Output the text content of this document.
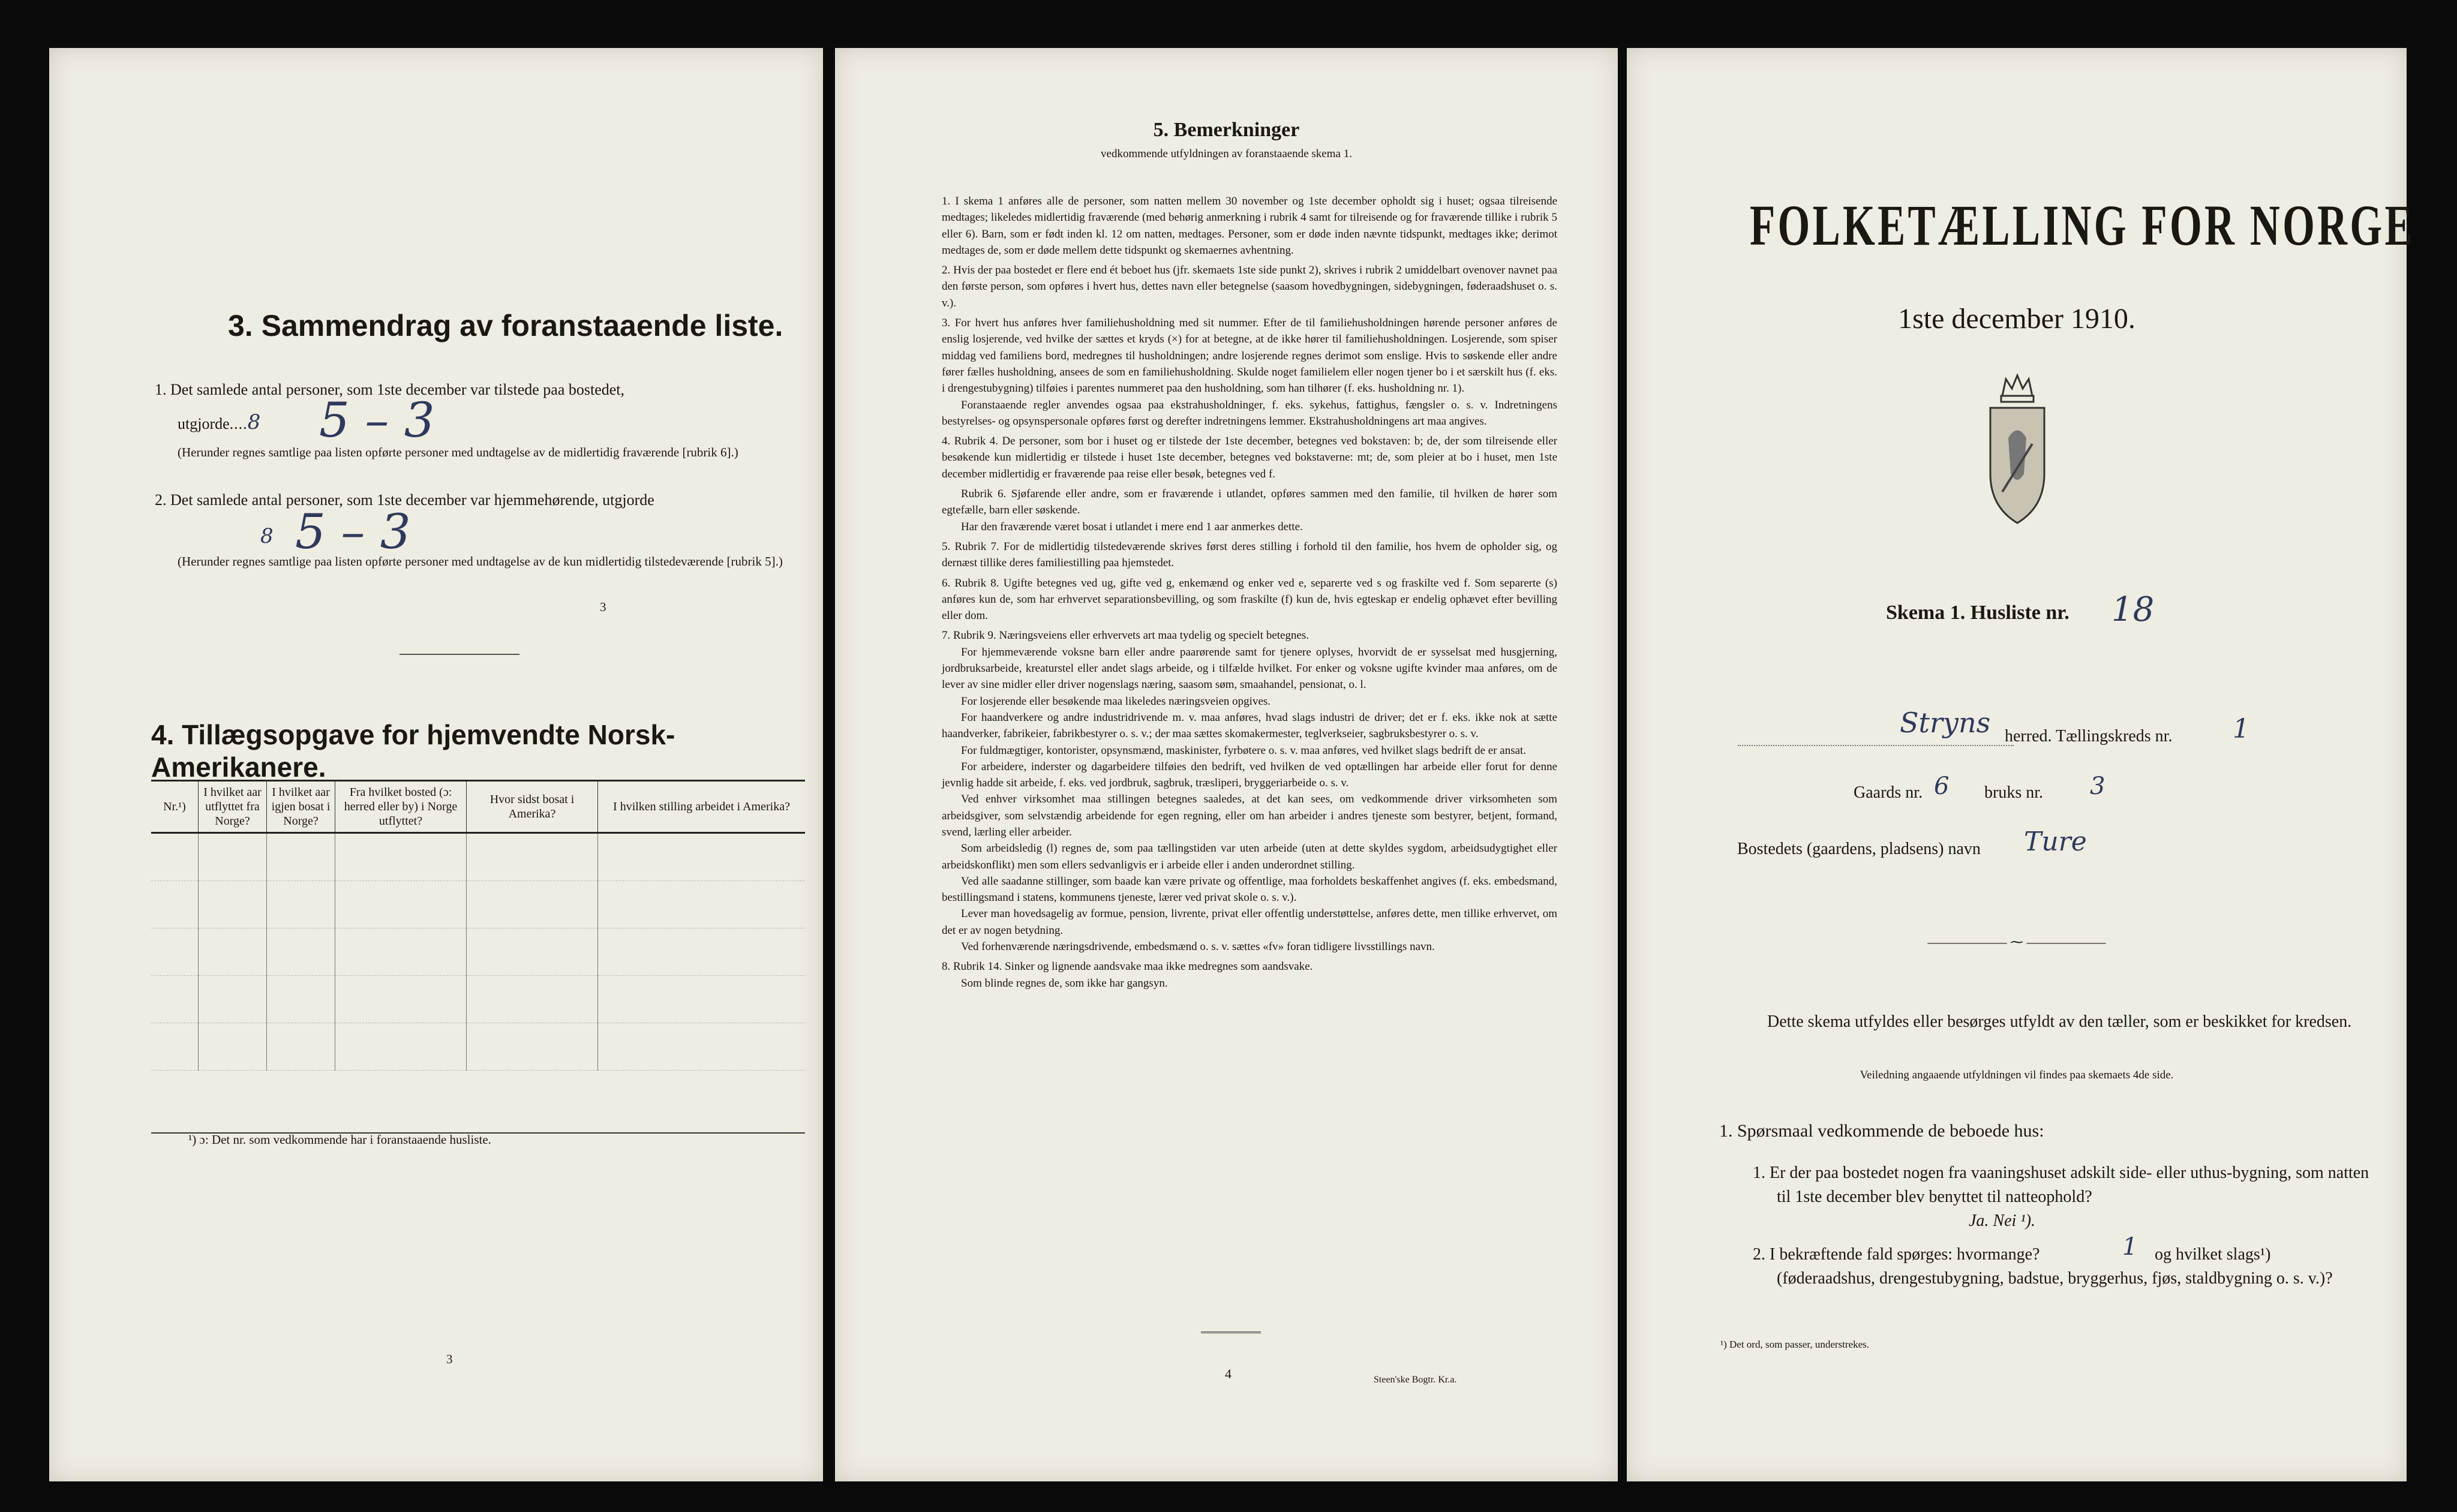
3. Sammendrag av foranstaaende liste.
1. Det samlede antal personer, som 1ste december var tilstede paa bostedet,
utgjorde....8 5 – 3
(Herunder regnes samtlige paa listen opførte personer med undtagelse av de midlertidig fraværende [rubrik 6].)
2. Det samlede antal personer, som 1ste december var hjemmehørende, utgjorde
8 5 – 3
(Herunder regnes samtlige paa listen opførte personer med undtagelse av de kun midlertidig tilstedeværende [rubrik 5].)
3
4. Tillægsopgave for hjemvendte Norsk-Amerikanere.
Nr.¹)	I hvilket aar utflyttet fra Norge?	I hvilket aar igjen bosat i Norge?	Fra hvilket bosted (ɔ: herred eller by) i Norge utflyttet?	Hvor sidst bosat i Amerika?	I hvilken stilling arbeidet i Amerika?

¹) ɔ: Det nr. som vedkommende har i foranstaaende husliste.
3
5. Bemerkninger
vedkommende utfyldningen av foranstaaende skema 1.

1. I skema 1 anføres alle de personer, som natten mellem 30 november og 1ste december opholdt sig i huset; ogsaa tilreisende medtages; likeledes midlertidig fraværende (med behørig anmerkning i rubrik 4 samt for tilreisende og for fraværende tillike i rubrik 5 eller 6). Barn, som er født inden kl. 12 om natten, medtages. Personer, som er døde inden nævnte tidspunkt, medtages ikke; derimot medtages de, som er døde mellem dette tidspunkt og skemaernes avhentning.

2. Hvis der paa bostedet er flere end ét beboet hus (jfr. skemaets 1ste side punkt 2), skrives i rubrik 2 umiddelbart ovenover navnet paa den første person, som opføres i hvert hus, dettes navn eller betegnelse (saasom hovedbygningen, sidebygningen, føderaadshuset o. s. v.).

3. For hvert hus anføres hver familiehusholdning med sit nummer. Efter de til familiehusholdningen hørende personer anføres de enslig losjerende, ved hvilke der sættes et kryds (×) for at betegne, at de ikke hører til familiehusholdningen. Losjerende, som spiser middag ved familiens bord, medregnes til husholdningen; andre losjerende regnes derimot som enslige. Hvis to søskende eller andre fører fælles husholdning, ansees de som en familiehusholdning. Skulde noget familielem eller nogen tjener bo i et særskilt hus (f. eks. i drengestubygning) tilføies i parentes nummeret paa den husholdning, som han tilhører (f. eks. husholdning nr. 1).

Foranstaaende regler anvendes ogsaa paa ekstrahusholdninger, f. eks. sykehus, fattighus, fængsler o. s. v. Indretningens bestyrelses- og opsynspersonale opføres først og derefter indretningens lemmer. Ekstrahusholdningens art maa angives.

4. Rubrik 4. De personer, som bor i huset og er tilstede der 1ste december, betegnes ved bokstaven: b; de, der som tilreisende eller besøkende kun midlertidig er tilstede i huset 1ste december, betegnes ved bokstaverne: mt; de, som pleier at bo i huset, men 1ste december midlertidig er fraværende paa reise eller besøk, betegnes ved f.

Rubrik 6. Sjøfarende eller andre, som er fraværende i utlandet, opføres sammen med den familie, til hvilken de hører som egtefælle, barn eller søskende.

Har den fraværende været bosat i utlandet i mere end 1 aar anmerkes dette.

5. Rubrik 7. For de midlertidig tilstedeværende skrives først deres stilling i forhold til den familie, hos hvem de opholder sig, og dernæst tillike deres familiestilling paa hjemstedet.

6. Rubrik 8. Ugifte betegnes ved ug, gifte ved g, enkemænd og enker ved e, separerte ved s og fraskilte ved f. Som separerte (s) anføres kun de, som har erhvervet separationsbevilling, og som fraskilte (f) kun de, hvis egteskap er endelig ophævet efter bevilling eller dom.

7. Rubrik 9. Næringsveiens eller erhvervets art maa tydelig og specielt betegnes.

For hjemmeværende voksne barn eller andre paarørende samt for tjenere oplyses, hvorvidt de er sysselsat med husgjerning, jordbruksarbeide, kreaturstel eller andet slags arbeide, og i tilfælde hvilket. For enker og voksne ugifte kvinder maa anføres, om de lever av sine midler eller driver nogenslags næring, saasom søm, smaahandel, pensionat, o. l.

For losjerende eller besøkende maa likeledes næringsveien opgives.

For haandverkere og andre industridrivende m. v. maa anføres, hvad slags industri de driver; det er f. eks. ikke nok at sætte haandverker, fabrikeier, fabrikbestyrer o. s. v.; der maa sættes skomakermester, teglverkseier, sagbruksbestyrer o. s. v.

For fuldmægtiger, kontorister, opsynsmænd, maskinister, fyrbøtere o. s. v. maa anføres, ved hvilket slags bedrift de er ansat.

For arbeidere, inderster og dagarbeidere tilføies den bedrift, ved hvilken de ved optællingen har arbeide eller forut for denne jevnlig hadde sit arbeide, f. eks. ved jordbruk, sagbruk, træsliperi, bryggeriarbeide o. s. v.

Ved enhver virksomhet maa stillingen betegnes saaledes, at det kan sees, om vedkommende driver virksomheten som arbeidsgiver, som selvstændig arbeidende for egen regning, eller om han arbeider i andres tjeneste som bestyrer, betjent, formand, svend, lærling eller arbeider.

Som arbeidsledig (l) regnes de, som paa tællingstiden var uten arbeide (uten at dette skyldes sygdom, arbeidsudygtighet eller arbeidskonflikt) men som ellers sedvanligvis er i arbeide eller i anden underordnet stilling.

Ved alle saadanne stillinger, som baade kan være private og offentlige, maa forholdets beskaffenhet angives (f. eks. embedsmand, bestillingsmand i statens, kommunens tjeneste, lærer ved privat skole o. s. v.).

Lever man hovedsagelig av formue, pension, livrente, privat eller offentlig understøttelse, anføres dette, men tillike erhvervet, om det er av nogen betydning.

Ved forhenværende næringsdrivende, embedsmænd o. s. v. sættes «fv» foran tidligere livsstillings navn.

8. Rubrik 14. Sinker og lignende aandsvake maa ikke medregnes som aandsvake.

Som blinde regnes de, som ikke har gangsyn.

4	Steen'ske Bogtr. Kr.a.
FOLKETÆLLING FOR NORGE
1ste december 1910.
Skema 1. Husliste nr. 18
Stryns herred. Tællingskreds nr. 1
Gaards nr. 6 bruks nr. 3
Bostedets (gaardens, pladsens) navn Ture
―――――― ⁓ ――――――
Dette skema utfyldes eller besørges utfyldt av den tæller, som er beskikket for kredsen.
Veiledning angaaende utfyldningen vil findes paa skemaets 4de side.
1. Spørsmaal vedkommende de beboede hus:
1. Er der paa bostedet nogen fra vaaningshuset adskilt side- eller uthus-bygning, som natten til 1ste december blev benyttet til natteophold?
Ja. Nei ¹).
2. I bekræftende fald spørges: hvormange?	1	og hvilket slags¹) (føderaadshus, drengestubygning, badstue, bryggerhus, fjøs, staldbygning o. s. v.)?
¹) Det ord, som passer, understrekes.
